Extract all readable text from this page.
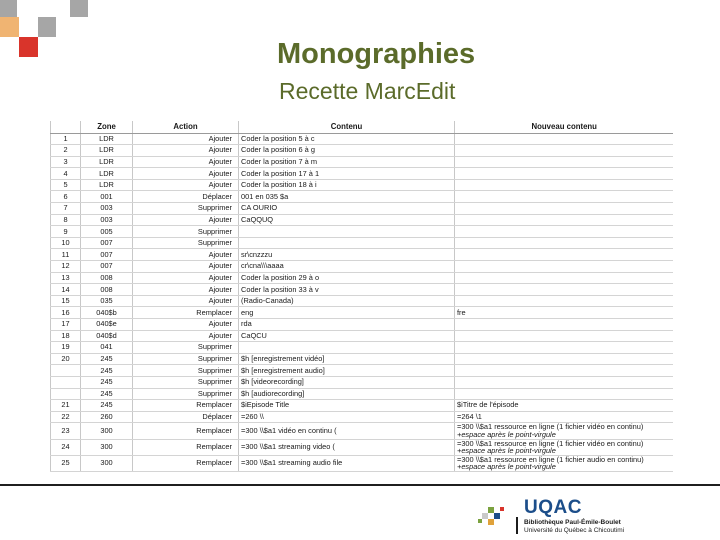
Monographies
Recette MarcEdit
	Zone	Action	Contenu	Nouveau contenu
1	LDR	Ajouter	Coder la position 5 à c	
2	LDR	Ajouter	Coder la position 6 à g	
3	LDR	Ajouter	Coder la position 7 à m	
4	LDR	Ajouter	Coder la position 17 à 1	
5	LDR	Ajouter	Coder la position 18 à i	
6	001	Déplacer	001 en 035 $a	
7	003	Supprimer	CA OURIO	
8	003	Ajouter	CaQQUQ	
9	005	Supprimer		
10	007	Supprimer		
11	007	Ajouter	sr\cnzzzu	
12	007	Ajouter	cr\cna\\\aaaa	
13	008	Ajouter	Coder la position 29 à o	
14	008	Ajouter	Coder la position 33 à v	
15	035	Ajouter	(Radio-Canada)	
16	040$b	Remplacer	eng	fre
17	040$e	Ajouter	rda	
18	040$d	Ajouter	CaQCU	
19	041	Supprimer		
20	245	Supprimer	$h [enregistrement vidéo]	
	245	Supprimer	$h [enregistrement audio]	
	245	Supprimer	$h [videorecording]	
	245	Supprimer	$h [audiorecording]	
21	245	Remplacer	$iEpisode Title	$iTitre de l'épisode
22	260	Déplacer	=260 \\	=264 \1
23	300	Remplacer	=300 \\$a1 vidéo en continu (	=300 \\$a1 ressource en ligne (1 fichier vidéo en continu)
+espace après le point-virgule

24	300	Remplacer	=300 \\$a1 streaming video (	=300 \\$a1 ressource en ligne (1 fichier vidéo en continu)
+espace après le point-virgule

25	300	Remplacer	=300 \\$a1 streaming audio file	=300 \\$a1 ressource en ligne (1 fichier audio en continu)
+espace après le point-virgule
UQAC
Bibliothèque Paul-Émile-Boulet
Université du Québec à Chicoutimi
